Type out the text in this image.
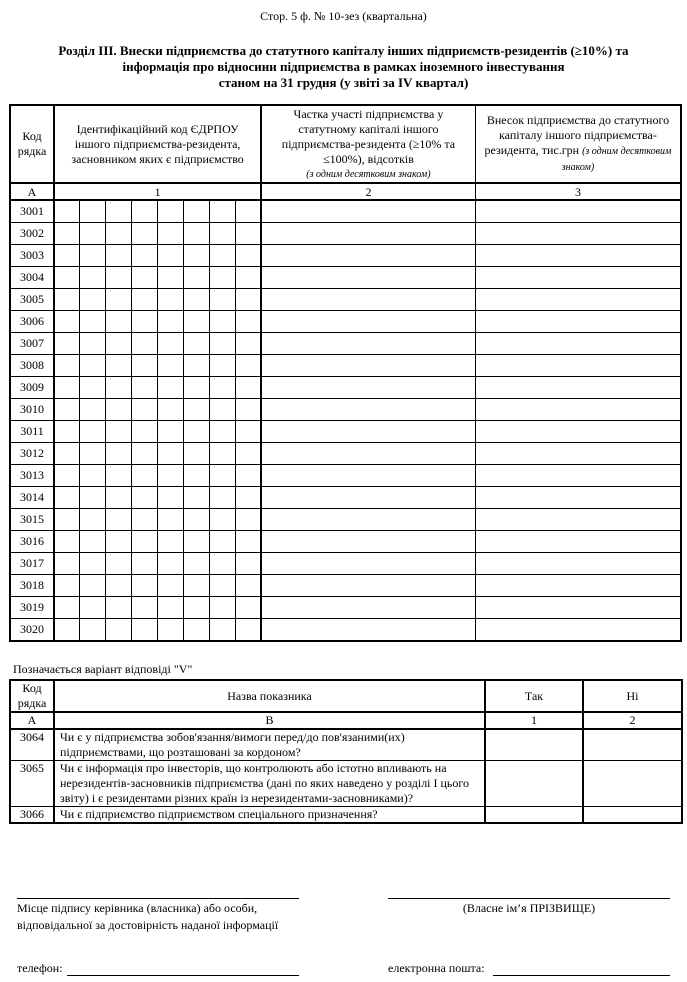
Стор. 5 ф. № 10-зез (квартальна)
Розділ ІІІ. Внески підприємства до статутного капіталу інших підприємств-резидентів (≥10%) та
інформація про відносини підприємства в рамках іноземного інвестування
станом на 31 грудня (у звіті за ІV квартал)
Код рядка	Ідентифікаційний код ЄДРПОУ іншого підприємства-резидента, засновником яких є підприємство								Частка участі підприємства у статутному капіталі іншого підприємства-резидента (≥10% та ≤100%), відсотків
(з одним десятковим знаком)	Внесок підприємства до статутного капіталу іншого підприємства-резидента, тис.грн (з одним десятковим знаком)
А	1								2	3
3001										
3002										
3003										
3004										
3005										
3006										
3007										
3008										
3009										
3010										
3011										
3012										
3013										
3014										
3015										
3016										
3017										
3018										
3019										
3020										
Позначається варіант відповіді "V"
Код рядка	Назва показника	Так	Ні
А	В	1	2
3064	Чи є у підприємства зобов'язання/вимоги перед/до пов'язаними(их) підприємствами, що розташовані за кордоном?		
3065	Чи є інформація про інвесторів, що контролюють або істотно впливають на нерезидентів-засновників підприємства (дані по яких наведено у розділі І цього звіту) і є резидентами різних країн із нерезидентами-засновниками)?		
3066	Чи є підприємство підприємством спеціального призначення?		
Місце підпису керівника (власника) або особи,
відповідальної за достовірність наданої інформації
(Власне ім’я ПРІЗВИЩЕ)
телефон:	електронна пошта:
